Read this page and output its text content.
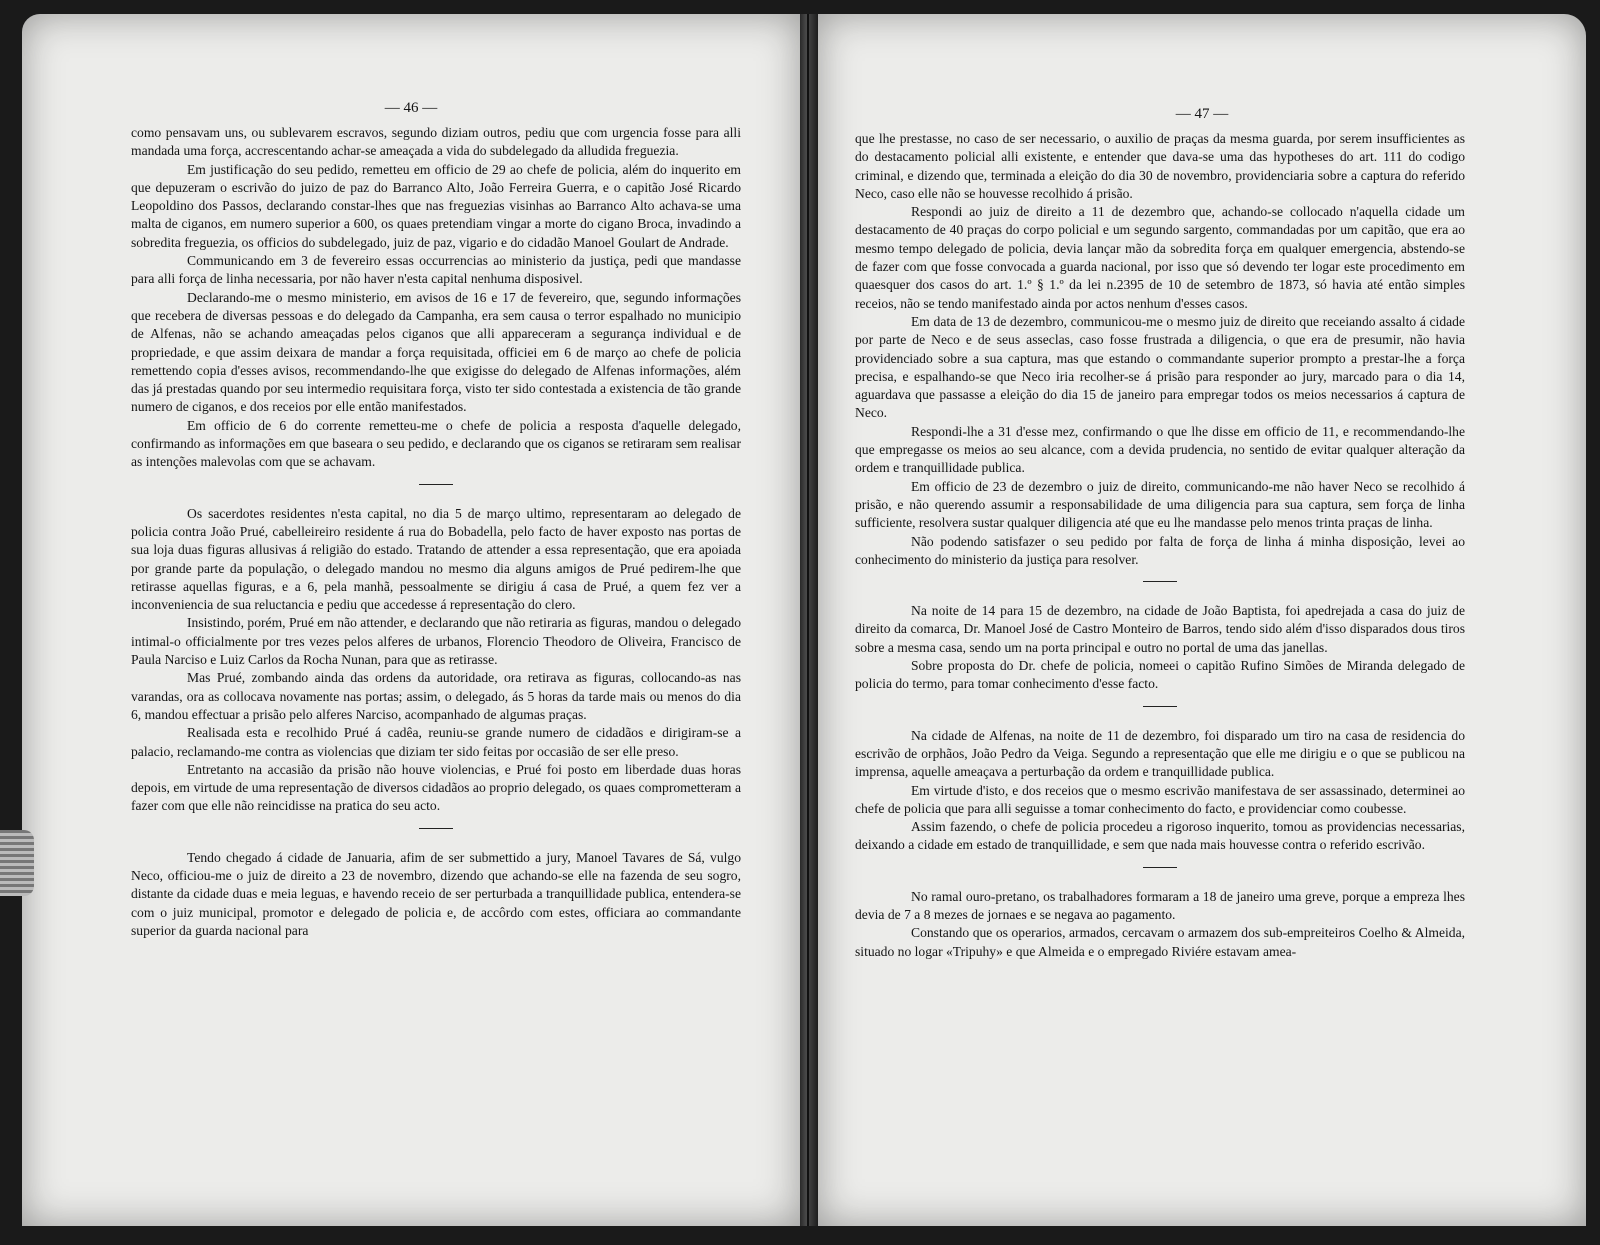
— 46 —

como pensavam uns, ou sublevarem escravos, segundo diziam outros, pediu que com urgencia fosse para alli mandada uma força, accrescentando achar-se ameaçada a vida do subdelegado da alludida freguezia.

Em justificação do seu pedido, remetteu em officio de 29 ao chefe de policia, além do inquerito em que depuzeram o escrivão do juizo de paz do Barranco Alto, João Ferreira Guerra, e o capitão José Ricardo Leopoldino dos Passos, declarando constar-lhes que nas freguezias visinhas ao Barranco Alto achava-se uma malta de ciganos, em numero superior a 600, os quaes pretendiam vingar a morte do cigano Broca, invadindo a sobredita freguezia, os officios do subdelegado, juiz de paz, vigario e do cidadão Manoel Goulart de Andrade.

Communicando em 3 de fevereiro essas occurrencias ao ministerio da justiça, pedi que mandasse para alli força de linha necessaria, por não haver n'esta capital nenhuma disposivel.

Declarando-me o mesmo ministerio, em avisos de 16 e 17 de fevereiro, que, segundo informações que recebera de diversas pessoas e do delegado da Campanha, era sem causa o terror espalhado no municipio de Alfenas, não se achando ameaçadas pelos ciganos que alli appareceram a segurança individual e de propriedade, e que assim deixara de mandar a força requisitada, officiei em 6 de março ao chefe de policia remettendo copia d'esses avisos, recommendando-lhe que exigisse do delegado de Alfenas informações, além das já prestadas quando por seu intermedio requisitara força, visto ter sido contestada a existencia de tão grande numero de ciganos, e dos receios por elle então manifestados.

Em officio de 6 do corrente remetteu-me o chefe de policia a resposta d'aquelle delegado, confirmando as informações em que baseara o seu pedido, e declarando que os ciganos se retiraram sem realisar as intenções malevolas com que se achavam.

Os sacerdotes residentes n'esta capital, no dia 5 de março ultimo, representaram ao delegado de policia contra João Prué, cabelleireiro residente á rua do Bobadella, pelo facto de haver exposto nas portas de sua loja duas figuras allusivas á religião do estado. Tratando de attender a essa representação, que era apoiada por grande parte da população, o delegado mandou no mesmo dia alguns amigos de Prué pedirem-lhe que retirasse aquellas figuras, e a 6, pela manhã, pessoalmente se dirigiu á casa de Prué, a quem fez ver a inconveniencia de sua reluctancia e pediu que accedesse á representação do clero.

Insistindo, porém, Prué em não attender, e declarando que não retiraria as figuras, mandou o delegado intimal-o officialmente por tres vezes pelos alferes de urbanos, Florencio Theodoro de Oliveira, Francisco de Paula Narciso e Luiz Carlos da Rocha Nunan, para que as retirasse.

Mas Prué, zombando ainda das ordens da autoridade, ora retirava as figuras, collocando-as nas varandas, ora as collocava novamente nas portas; assim, o delegado, ás 5 horas da tarde mais ou menos do dia 6, mandou effectuar a prisão pelo alferes Narciso, acompanhado de algumas praças.

Realisada esta e recolhido Prué á cadêa, reuniu-se grande numero de cidadãos e dirigiram-se a palacio, reclamando-me contra as violencias que diziam ter sido feitas por occasião de ser elle preso.

Entretanto na accasião da prisão não houve violencias, e Prué foi posto em liberdade duas horas depois, em virtude de uma representação de diversos cidadãos ao proprio delegado, os quaes comprometteram a fazer com que elle não reincidisse na pratica do seu acto.

Tendo chegado á cidade de Januaria, afim de ser submettido a jury, Manoel Tavares de Sá, vulgo Neco, officiou-me o juiz de direito a 23 de novembro, dizendo que achando-se elle na fazenda de seu sogro, distante da cidade duas e meia leguas, e havendo receio de ser perturbada a tranquillidade publica, entendera-se com o juiz municipal, promotor e delegado de policia e, de accôrdo com estes, officiara ao commandante superior da guarda nacional para

— 47 —

que lhe prestasse, no caso de ser necessario, o auxilio de praças da mesma guarda, por serem insufficientes as do destacamento policial alli existente, e entender que dava-se uma das hypotheses do art. 111 do codigo criminal, e dizendo que, terminada a eleição do dia 30 de novembro, providenciaria sobre a captura do referido Neco, caso elle não se houvesse recolhido á prisão.

Respondi ao juiz de direito a 11 de dezembro que, achando-se collocado n'aquella cidade um destacamento de 40 praças do corpo policial e um segundo sargento, commandadas por um capitão, que era ao mesmo tempo delegado de policia, devia lançar mão da sobredita força em qualquer emergencia, abstendo-se de fazer com que fosse convocada a guarda nacional, por isso que só devendo ter logar este procedimento em quaesquer dos casos do art. 1.º § 1.º da lei n.2395 de 10 de setembro de 1873, só havia até então simples receios, não se tendo manifestado ainda por actos nenhum d'esses casos.

Em data de 13 de dezembro, communicou-me o mesmo juiz de direito que receiando assalto á cidade por parte de Neco e de seus asseclas, caso fosse frustrada a diligencia, o que era de presumir, não havia providenciado sobre a sua captura, mas que estando o commandante superior prompto a prestar-lhe a força precisa, e espalhando-se que Neco iria recolher-se á prisão para responder ao jury, marcado para o dia 14, aguardava que passasse a eleição do dia 15 de janeiro para empregar todos os meios necessarios á captura de Neco.

Respondi-lhe a 31 d'esse mez, confirmando o que lhe disse em officio de 11, e recommendando-lhe que empregasse os meios ao seu alcance, com a devida prudencia, no sentido de evitar qualquer alteração da ordem e tranquillidade publica.

Em officio de 23 de dezembro o juiz de direito, communicando-me não haver Neco se recolhido á prisão, e não querendo assumir a responsabilidade de uma diligencia para sua captura, sem força de linha sufficiente, resolvera sustar qualquer diligencia até que eu lhe mandasse pelo menos trinta praças de linha.

Não podendo satisfazer o seu pedido por falta de força de linha á minha disposição, levei ao conhecimento do ministerio da justiça para resolver.

Na noite de 14 para 15 de dezembro, na cidade de João Baptista, foi apedrejada a casa do juiz de direito da comarca, Dr. Manoel José de Castro Monteiro de Barros, tendo sido além d'isso disparados dous tiros sobre a mesma casa, sendo um na porta principal e outro no portal de uma das janellas.

Sobre proposta do Dr. chefe de policia, nomeei o capitão Rufino Simões de Miranda delegado de policia do termo, para tomar conhecimento d'esse facto.

Na cidade de Alfenas, na noite de 11 de dezembro, foi disparado um tiro na casa de residencia do escrivão de orphãos, João Pedro da Veiga. Segundo a representação que elle me dirigiu e o que se publicou na imprensa, aquelle ameaçava a perturbação da ordem e tranquillidade publica.

Em virtude d'isto, e dos receios que o mesmo escrivão manifestava de ser assassinado, determinei ao chefe de policia que para alli seguisse a tomar conhecimento do facto, e providenciar como coubesse.

Assim fazendo, o chefe de policia procedeu a rigoroso inquerito, tomou as providencias necessarias, deixando a cidade em estado de tranquillidade, e sem que nada mais houvesse contra o referido escrivão.

No ramal ouro-pretano, os trabalhadores formaram a 18 de janeiro uma greve, porque a empreza lhes devia de 7 a 8 mezes de jornaes e se negava ao pagamento.

Constando que os operarios, armados, cercavam o armazem dos sub-empreiteiros Coelho & Almeida, situado no logar «Tripuhy» e que Almeida e o empregado Riviére estavam amea-
